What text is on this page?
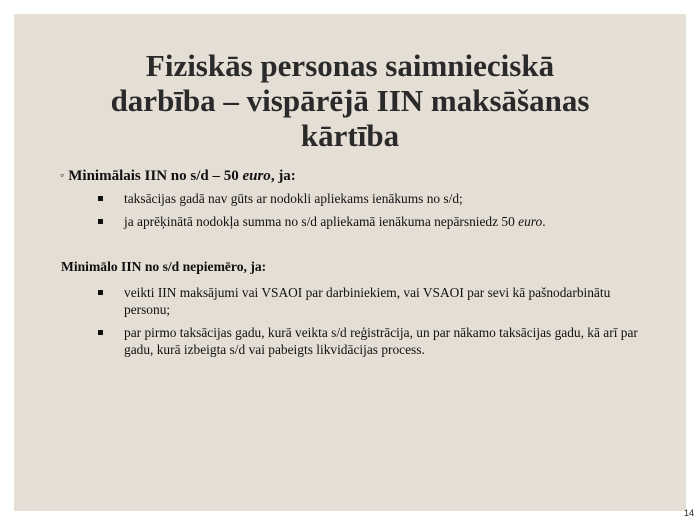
Fiziskās personas saimnieciskā
darbība – vispārējā IIN maksāšanas
kārtība
◦ Minimālais IIN no s/d – 50 euro, ja:
taksācijas gadā nav gūts ar nodokli apliekams ienākums no s/d;
ja aprēķinātā nodokļa summa no s/d apliekamā ienākuma nepārsniedz 50 euro.
Minimālo IIN no s/d nepiemēro, ja:
veikti IIN maksājumi vai VSAOI par darbiniekiem, vai VSAOI par sevi kā pašnodarbinātu personu;
par pirmo taksācijas gadu, kurā veikta s/d reģistrācija, un par nākamo taksācijas gadu, kā arī par gadu, kurā izbeigta s/d vai pabeigts likvidācijas process.
14
